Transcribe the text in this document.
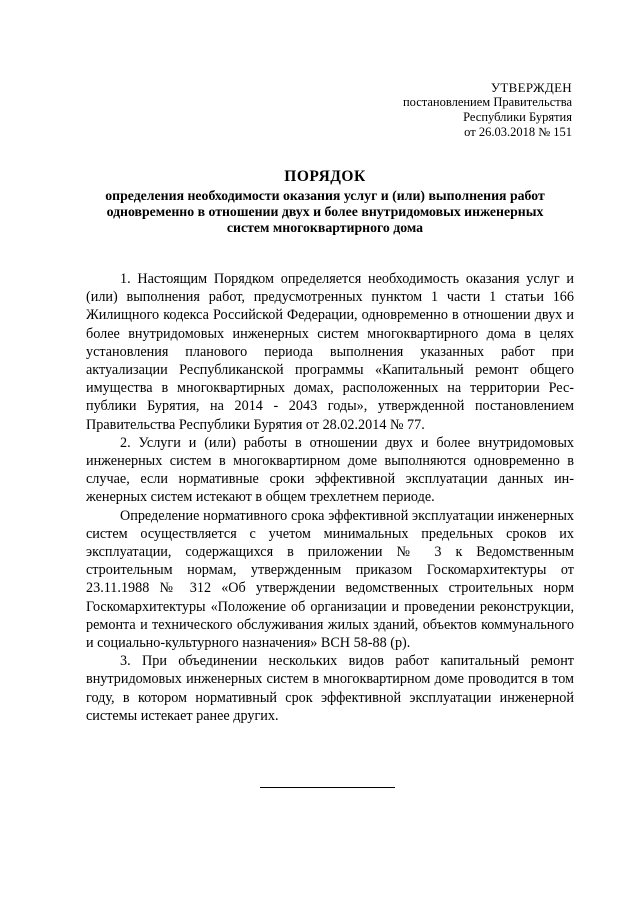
УТВЕРЖДЕН
постановлением Правительства
Республики Бурятия
от 26.03.2018 № 151
ПОРЯДОК
определения необходимости оказания услуг и (или) выполнения работ одновременно в отношении двух и более внутридомовых инженерных систем многоквартирного дома

1. Настоящим Порядком определяется необходимость оказания услуг и (или) выполнения работ, предусмотренных пунктом 1 части 1 статьи 166 Жилищного кодекса Российской Федерации, одновременно в отношении двух и более внутридомовых инженерных систем многоквартирного дома в целях установления планового периода выполнения указанных работ при актуализации Республиканской программы «Капитальный ремонт общего имущества в многоквартирных домах, расположенных на территории Республики Бурятия, на 2014 - 2043 годы», утвержденной постановлением Правительства Республики Бурятия от 28.02.2014 № 77.

2. Услуги и (или) работы в отношении двух и более внутридомовых инженерных систем в многоквартирном доме выполняются одновременно в случае, если нормативные сроки эффективной эксплуатации данных инженерных систем истекают в общем трехлетнем периоде.

Определение нормативного срока эффективной эксплуатации инженерных систем осуществляется с учетом минимальных предельных сроков их эксплуатации, содержащихся в приложении № 3 к Ведомственным строительным нормам, утвержденным приказом Госкомархитектуры от 23.11.1988 № 312 «Об утверждении ведомственных строительных норм Госкомархитектуры «Положение об организации и проведении реконструкции, ремонта и технического обслуживания жилых зданий, объектов коммунального и социально-культурного назначения» ВСН 58-88 (р).

3. При объединении нескольких видов работ капитальный ремонт внутридомовых инженерных систем в многоквартирном доме проводится в том году, в котором нормативный срок эффективной эксплуатации инженерной системы истекает ранее других.
